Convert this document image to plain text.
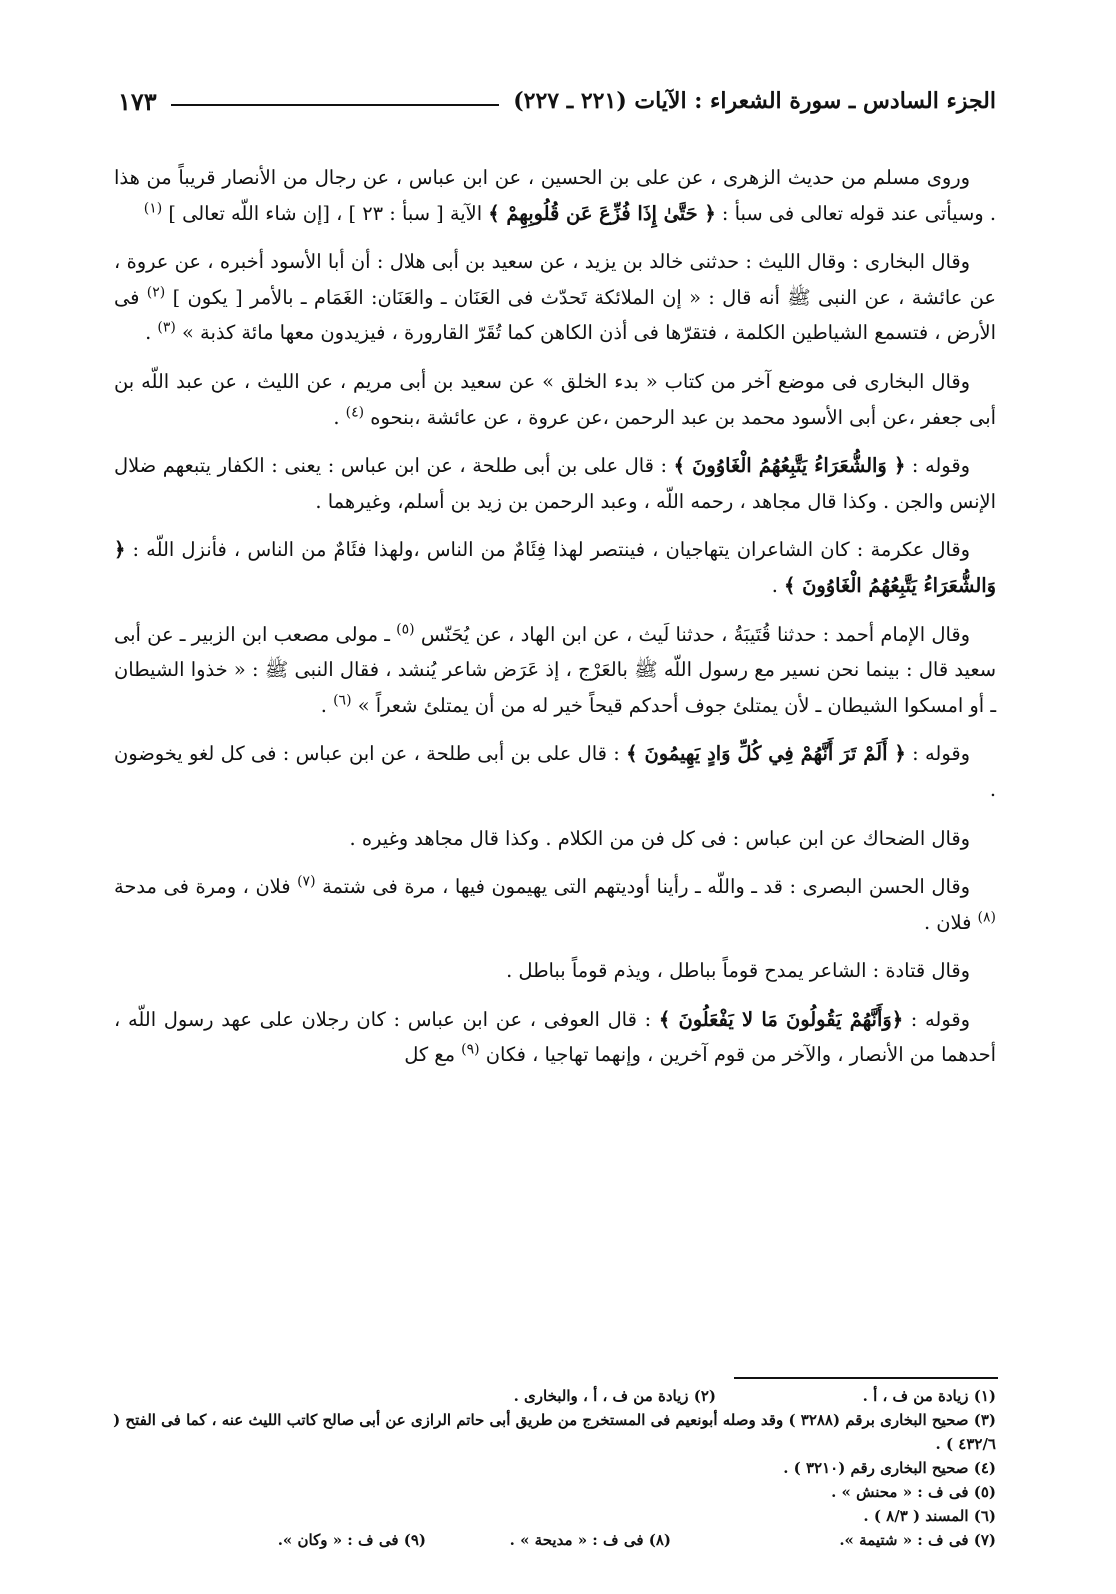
الجزء السادس ـ سورة الشعراء : الآيات (٢٢١ ـ ٢٢٧)
١٧٣

وروى مسلم من حديث الزهرى ، عن على بن الحسين ، عن ابن عباس ، عن رجال من الأنصار قريباً من هذا . وسيأتى عند قوله تعالى فى سبأ : ﴿ حَتَّىٰ إِذَا فُزِّعَ عَن قُلُوبِهِمْ ﴾ الآية [ سبأ : ٢٣ ] ، [إن شاء اللّه تعالى ] $^{(١)}$

وقال البخارى : وقال الليث : حدثنى خالد بن يزيد ، عن سعيد بن أبى هلال : أن أبا الأسود أخبره ، عن عروة ، عن عائشة ، عن النبى ﷺ أنه قال : « إن الملائكة تَحدّث فى العَنَان ـ والعَنَان: الغَمَام ـ بالأمر [ يكون ] $^{(٢)}$ فى الأرض ، فتسمع الشياطين الكلمة ، فتقرّها فى أذن الكاهن كما تُقَرّ القارورة ، فيزيدون معها مائة كذبة » $^{(٣)}$ .

وقال البخارى فى موضع آخر من كتاب « بدء الخلق » عن سعيد بن أبى مريم ، عن الليث ، عن عبد اللّه بن أبى جعفر ،عن أبى الأسود محمد بن عبد الرحمن ،عن عروة ، عن عائشة ،بنحوه $^{(٤)}$ .

وقوله : ﴿ وَالشُّعَرَاءُ يَتَّبِعُهُمُ الْغَاوُونَ ﴾ : قال على بن أبى طلحة ، عن ابن عباس : يعنى : الكفار يتبعهم ضلال الإنس والجن . وكذا قال مجاهد ، رحمه اللّه ، وعبد الرحمن بن زيد بن أسلم، وغيرهما .

وقال عكرمة : كان الشاعران يتهاجيان ، فينتصر لهذا فِئَامٌ من الناس ،ولهذا فئَامٌ من الناس ، فأنزل اللّه : ﴿ وَالشُّعَرَاءُ يَتَّبِعُهُمُ الْغَاوُونَ ﴾ .

وقال الإمام أحمد : حدثنا قُتَيبَةُ ، حدثنا لَيث ، عن ابن الهاد ، عن يُحَنّس $^{(٥)}$ ـ مولى مصعب ابن الزبير ـ عن أبى سعيد قال : بينما نحن نسير مع رسول اللّه ﷺ بالعَرْج ، إذ عَرَض شاعر يُنشد ، فقال النبى ﷺ : « خذوا الشيطان ـ أو امسكوا الشيطان ـ لأن يمتلئ جوف أحدكم قيحاً خير له من أن يمتلئ شعراً » $^{(٦)}$ .

وقوله : ﴿ أَلَمْ تَرَ أَنَّهُمْ فِي كُلِّ وَادٍ يَهِيمُونَ ﴾ : قال على بن أبى طلحة ، عن ابن عباس : فى كل لغو يخوضون .

وقال الضحاك عن ابن عباس : فى كل فن من الكلام . وكذا قال مجاهد وغيره .

وقال الحسن البصرى : قد ـ واللّه ـ رأينا أوديتهم التى يهيمون فيها ، مرة فى شتمة $^{(٧)}$ فلان ، ومرة فى مدحة $^{(٨)}$ فلان .

وقال قتادة : الشاعر يمدح قوماً بباطل ، ويذم قوماً بباطل .

وقوله : ﴿وَأَنَّهُمْ يَقُولُونَ مَا لا يَفْعَلُونَ ﴾ : قال العوفى ، عن ابن عباس : كان رجلان على عهد رسول اللّه ، أحدهما من الأنصار ، والآخر من قوم آخرين ، وإنهما تهاجيا ، فكان $^{(٩)}$ مع كل

(١) زيادة من ف ، أ .
(٢) زيادة من ف ، أ ، والبخارى .

(٣) صحيح البخارى برقم (٣٢٨٨ ) وقد وصله أبونعيم فى المستخرج من طريق أبى حاتم الرازى عن أبى صالح كاتب الليث عنه ، كما فى الفتح ( ٤٣٢/٦ ) .

(٤) صحيح البخارى رقم (٣٢١٠ ) .

(٥) فى ف : « محنش » .

(٦) المسند ( ٨/٣ ) .

(٧) فى ف : « شتيمة ».
(٨) فى ف : « مديحة » .
(٩) فى ف : « وكان ».
